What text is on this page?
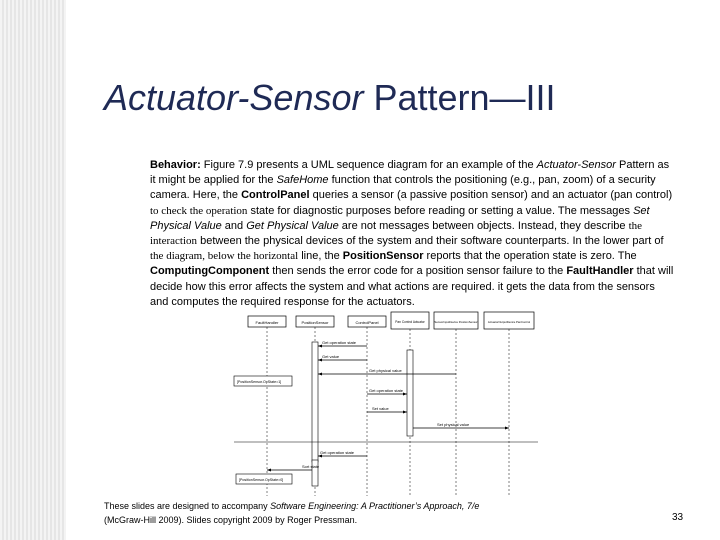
Actuator-Sensor Pattern—III

Behavior: Figure 7.9 presents a UML sequence diagram for an example of the Actuator-Sensor Pattern as it might be applied for the SafeHome function that controls the positioning (e.g., pan, zoom) of a security camera. Here, the ControlPanel queries a sensor (a passive position sensor) and an actuator (pan control) to check the operation state for diagnostic purposes before reading or setting a value. The messages Set Physical Value and Get Physical Value are not messages between objects. Instead, they describe the interaction between the physical devices of the system and their software counterparts. In the lower part of the diagram, below the horizontal line, the PositionSensor reports that the operation state is zero. The ComputingComponent then sends the error code for a position sensor failure to the FaultHandler that will decide how this error affects the system and what actions are required. it gets the data from the sensors and computes the required response for the actuators.

FaultHandler	PositionSensor	ControlPanel	Pan Control Actuator	SensorInputDevice PositionSensor	ActuatorOutputDevice PanControl
Get operation state
Get value
Get physical value
Get operation state
Set value
Set physical value
Get operation state
Sort state
[PositionSensor.OpState=1]
[PositionSensor.OpState=0]
These slides are designed to accompany Software Engineering: A Practitioner’s Approach, 7/e
(McGraw-Hill 2009). Slides copyright 2009 by Roger Pressman.	33
